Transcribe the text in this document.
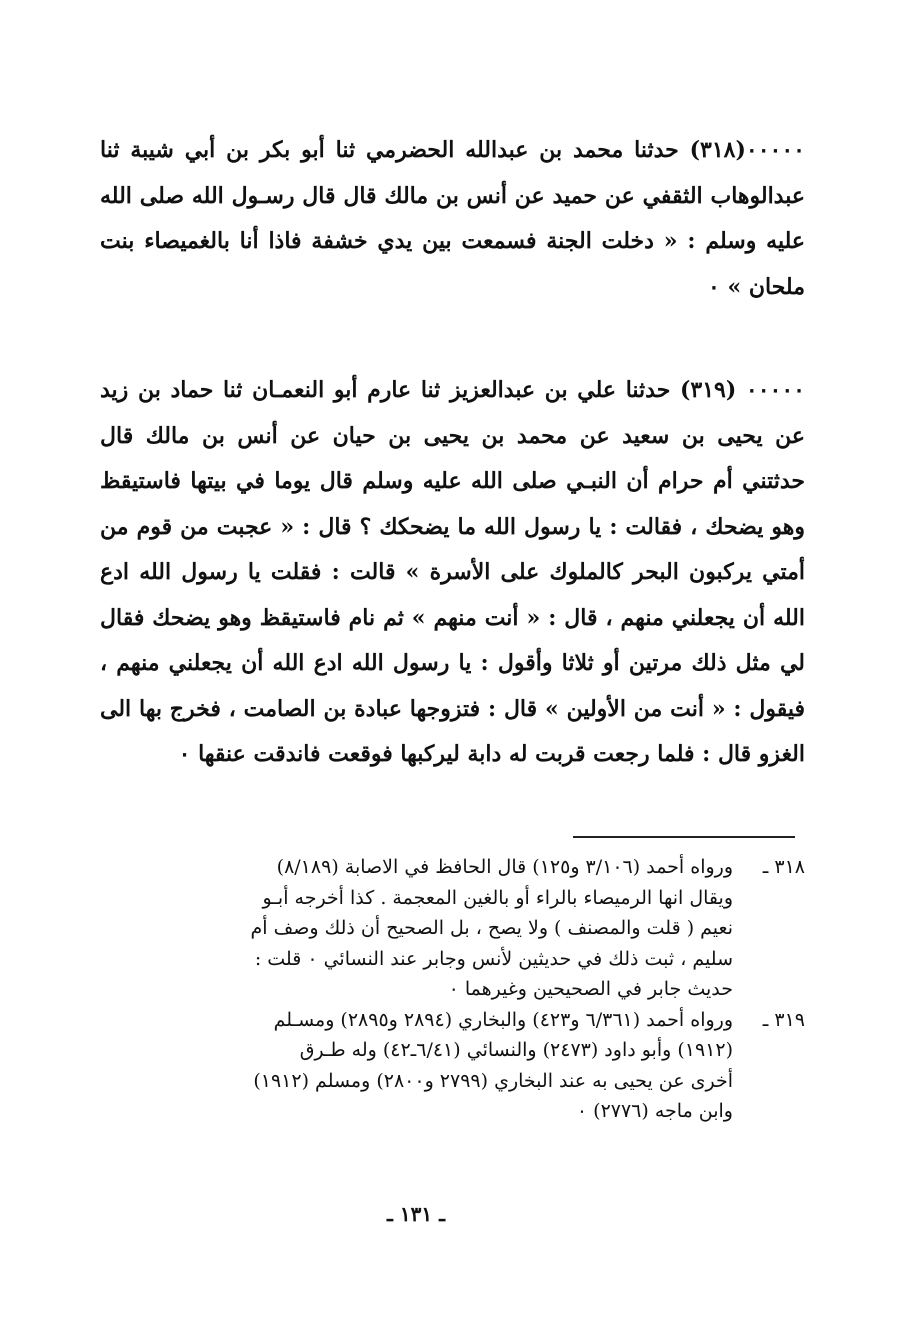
٠٠٠٠٠(٣١٨) حدثنا محمد بن عبدالله الحضرمي ثنا أبو بكر بن أبي شيبة ثنا عبدالوهاب الثقفي عن حميد عن أنس بن مالك قال قال رسـول الله صلى الله عليه وسلم : « دخلت الجنة فسمعت بين يدي خشفة فاذا أنا بالغميصاء بنت ملحان » ٠

٠٠٠٠٠ (٣١٩) حدثنا علي بن عبدالعزيز ثنا عارم أبو النعمـان ثنا حماد بن زيد عن يحيى بن سعيد عن محمد بن يحيى بن حيان عن أنس بن مالك قال حدثتني أم حرام أن النبـي صلى الله عليه وسلم قال يوما في بيتها فاستيقظ وهو يضحك ، فقالت : يا رسول الله ما يضحكك ؟ قال : « عجبت من قوم من أمتي يركبون البحر كالملوك على الأسرة » قالت : فقلت يا رسول الله ادع الله أن يجعلني منهم ، قال : « أنت منهم » ثم نام فاستيقظ وهو يضحك فقال لي مثل ذلك مرتين أو ثلاثا وأقول : يا رسول الله ادع الله أن يجعلني منهم ، فيقول : « أنت من الأولين » قال : فتزوجها عبادة بن الصامت ، فخرج بها الى الغزو قال : فلما رجعت قربت له دابة ليركبها فوقعت فاندقت عنقها ٠

٣١٨ ـ
ورواه أحمد (٣/١٠٦ و١٢٥) قال الحافظ في الاصابة (٨/١٨٩)
ويقال انها الرميصاء بالراء أو بالغين المعجمة . كذا أخرجه أبـو
نعيم ( قلت والمصنف ) ولا يصح ، بل الصحيح أن ذلك وصف أم
سليم ، ثبت ذلك في حديثين لأنس وجابر عند النسائي ٠ قلت :
حديث جابر في الصحيحين وغيرهما ٠
٣١٩ ـ
ورواه أحمد (٦/٣٦١ و٤٢٣) والبخاري (٢٨٩٤ و٢٨٩٥) ومسـلم
(١٩١٢) وأبو داود (٢٤٧٣) والنسائي (٦/٤١ـ٤٢) وله طـرق
أخرى عن يحيى به عند البخاري (٢٧٩٩ و٢٨٠٠) ومسلم (١٩١٢)
وابن ماجه (٢٧٧٦) ٠
ـ ١٣١ ـ
